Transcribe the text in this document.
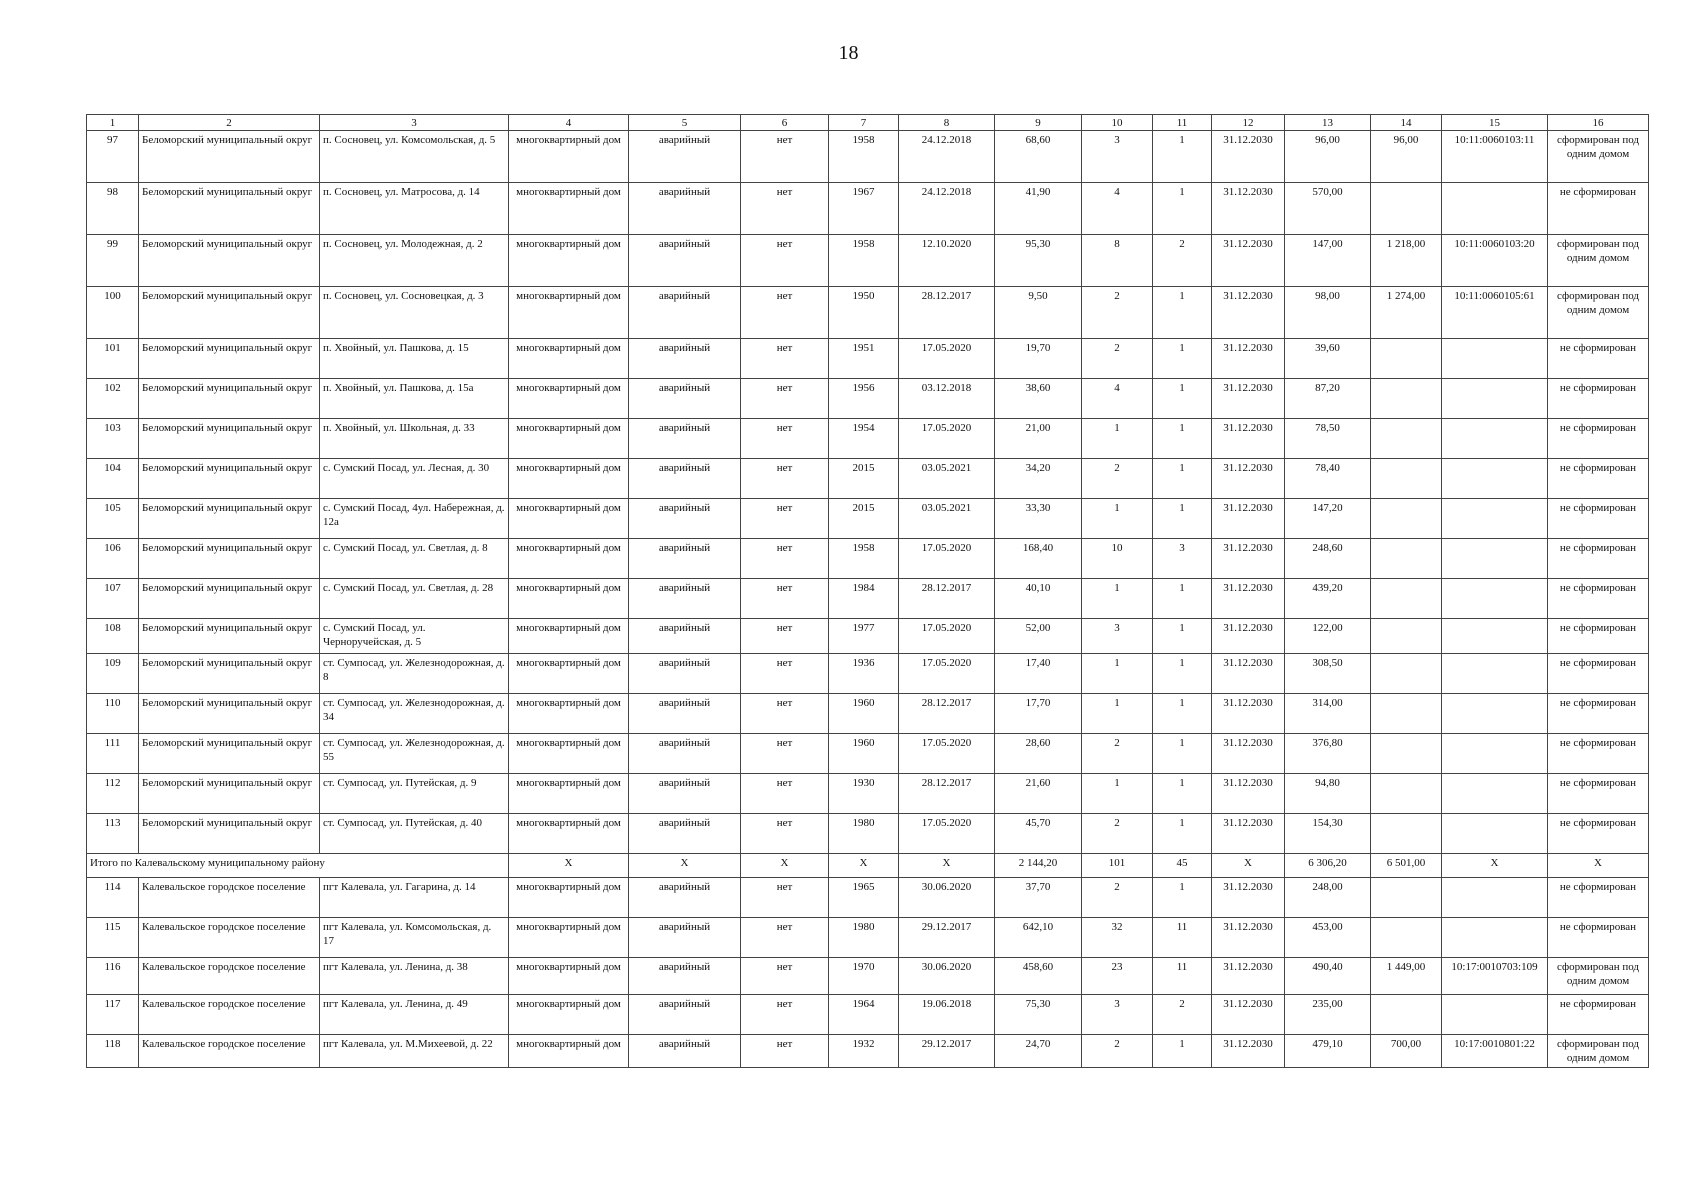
18
1	2	3	4	5	6	7	8	9	10	11	12	13	14	15	16
97	Беломорский муниципальный округ	п. Сосновец, ул. Комсомольская, д. 5	многоквартирный дом	аварийный	нет	1958	24.12.2018	68,60	3	1	31.12.2030	96,00	96,00	10:11:0060103:11	сформирован под одним домом
98	Беломорский муниципальный округ	п. Сосновец, ул. Матросова, д. 14	многоквартирный дом	аварийный	нет	1967	24.12.2018	41,90	4	1	31.12.2030	570,00			не сформирован
99	Беломорский муниципальный округ	п. Сосновец, ул. Молодежная, д. 2	многоквартирный дом	аварийный	нет	1958	12.10.2020	95,30	8	2	31.12.2030	147,00	1 218,00	10:11:0060103:20	сформирован под одним домом
100	Беломорский муниципальный округ	п. Сосновец, ул. Сосновецкая, д. 3	многоквартирный дом	аварийный	нет	1950	28.12.2017	9,50	2	1	31.12.2030	98,00	1 274,00	10:11:0060105:61	сформирован под одним домом
101	Беломорский муниципальный округ	п. Хвойный, ул. Пашкова, д. 15	многоквартирный дом	аварийный	нет	1951	17.05.2020	19,70	2	1	31.12.2030	39,60			не сформирован
102	Беломорский муниципальный округ	п. Хвойный, ул. Пашкова, д. 15а	многоквартирный дом	аварийный	нет	1956	03.12.2018	38,60	4	1	31.12.2030	87,20			не сформирован
103	Беломорский муниципальный округ	п. Хвойный, ул. Школьная, д. 33	многоквартирный дом	аварийный	нет	1954	17.05.2020	21,00	1	1	31.12.2030	78,50			не сформирован
104	Беломорский муниципальный округ	с. Сумский Посад, ул. Лесная, д. 30	многоквартирный дом	аварийный	нет	2015	03.05.2021	34,20	2	1	31.12.2030	78,40			не сформирован
105	Беломорский муниципальный округ	с. Сумский Посад, 4ул. Набережная, д. 12а	многоквартирный дом	аварийный	нет	2015	03.05.2021	33,30	1	1	31.12.2030	147,20			не сформирован
106	Беломорский муниципальный округ	с. Сумский Посад, ул. Светлая, д. 8	многоквартирный дом	аварийный	нет	1958	17.05.2020	168,40	10	3	31.12.2030	248,60			не сформирован
107	Беломорский муниципальный округ	с. Сумский Посад, ул. Светлая, д. 28	многоквартирный дом	аварийный	нет	1984	28.12.2017	40,10	1	1	31.12.2030	439,20			не сформирован
108	Беломорский муниципальный округ	с. Сумский Посад, ул. Черноручейская, д. 5	многоквартирный дом	аварийный	нет	1977	17.05.2020	52,00	3	1	31.12.2030	122,00			не сформирован
109	Беломорский муниципальный округ	ст. Сумпосад, ул. Железнодорожная, д. 8	многоквартирный дом	аварийный	нет	1936	17.05.2020	17,40	1	1	31.12.2030	308,50			не сформирован
110	Беломорский муниципальный округ	ст. Сумпосад, ул. Железнодорожная, д. 34	многоквартирный дом	аварийный	нет	1960	28.12.2017	17,70	1	1	31.12.2030	314,00			не сформирован
111	Беломорский муниципальный округ	ст. Сумпосад, ул. Железнодорожная, д. 55	многоквартирный дом	аварийный	нет	1960	17.05.2020	28,60	2	1	31.12.2030	376,80			не сформирован
112	Беломорский муниципальный округ	ст. Сумпосад, ул. Путейская, д. 9	многоквартирный дом	аварийный	нет	1930	28.12.2017	21,60	1	1	31.12.2030	94,80			не сформирован
113	Беломорский муниципальный округ	ст. Сумпосад, ул. Путейская, д. 40	многоквартирный дом	аварийный	нет	1980	17.05.2020	45,70	2	1	31.12.2030	154,30			не сформирован
Итого по Калевальскому муниципальному району			X	X	X	X	X	2 144,20	101	45	X	6 306,20	6 501,00	X	X
114	Калевальское городское поселение	пгт Калевала, ул. Гагарина, д. 14	многоквартирный дом	аварийный	нет	1965	30.06.2020	37,70	2	1	31.12.2030	248,00			не сформирован
115	Калевальское городское поселение	пгт Калевала, ул. Комсомольская, д. 17	многоквартирный дом	аварийный	нет	1980	29.12.2017	642,10	32	11	31.12.2030	453,00			не сформирован
116	Калевальское городское поселение	пгт Калевала, ул. Ленина, д. 38	многоквартирный дом	аварийный	нет	1970	30.06.2020	458,60	23	11	31.12.2030	490,40	1 449,00	10:17:0010703:109	сформирован под одним домом
117	Калевальское городское поселение	пгт Калевала, ул. Ленина, д. 49	многоквартирный дом	аварийный	нет	1964	19.06.2018	75,30	3	2	31.12.2030	235,00			не сформирован
118	Калевальское городское поселение	пгт Калевала, ул. М.Михеевой, д. 22	многоквартирный дом	аварийный	нет	1932	29.12.2017	24,70	2	1	31.12.2030	479,10	700,00	10:17:0010801:22	сформирован под одним домом
